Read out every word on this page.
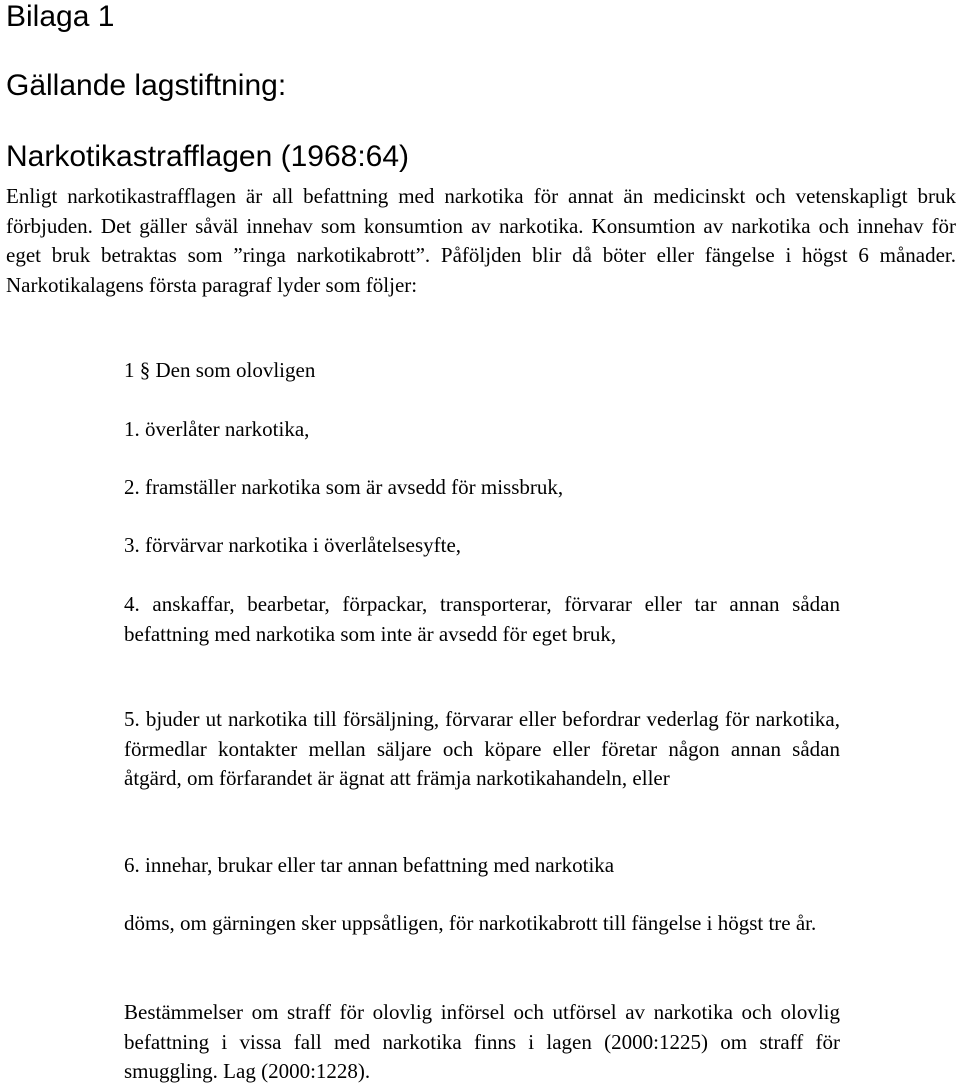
Bilaga 1
Gällande lagstiftning:
Narkotikastrafflagen (1968:64)

Enligt narkotikastrafflagen är all befattning med narkotika för annat än medicinskt och vetenskapligt bruk förbjuden. Det gäller såväl innehav som konsumtion av narkotika. Konsumtion av narkotika och innehav för eget bruk betraktas som ”ringa narkotikabrott”. Påföljden blir då böter eller fängelse i högst 6 månader. Narkotikalagens första paragraf lyder som följer:

1 § Den som olovligen

1. överlåter narkotika,

2. framställer narkotika som är avsedd för missbruk,

3. förvärvar narkotika i överlåtelsesyfte,

4. anskaffar, bearbetar, förpackar, transporterar, förvarar eller tar annan sådan befattning med narkotika som inte är avsedd för eget bruk,

5. bjuder ut narkotika till försäljning, förvarar eller befordrar vederlag för narkotika, förmedlar kontakter mellan säljare och köpare eller företar någon annan sådan åtgärd, om förfarandet är ägnat att främja narkotikahandeln, eller

6. innehar, brukar eller tar annan befattning med narkotika

döms, om gärningen sker uppsåtligen, för narkotikabrott till fängelse i högst tre år.

Bestämmelser om straff för olovlig införsel och utförsel av narkotika och olovlig befattning i vissa fall med narkotika finns i lagen (2000:1225) om straff för smuggling. Lag (2000:1228).
